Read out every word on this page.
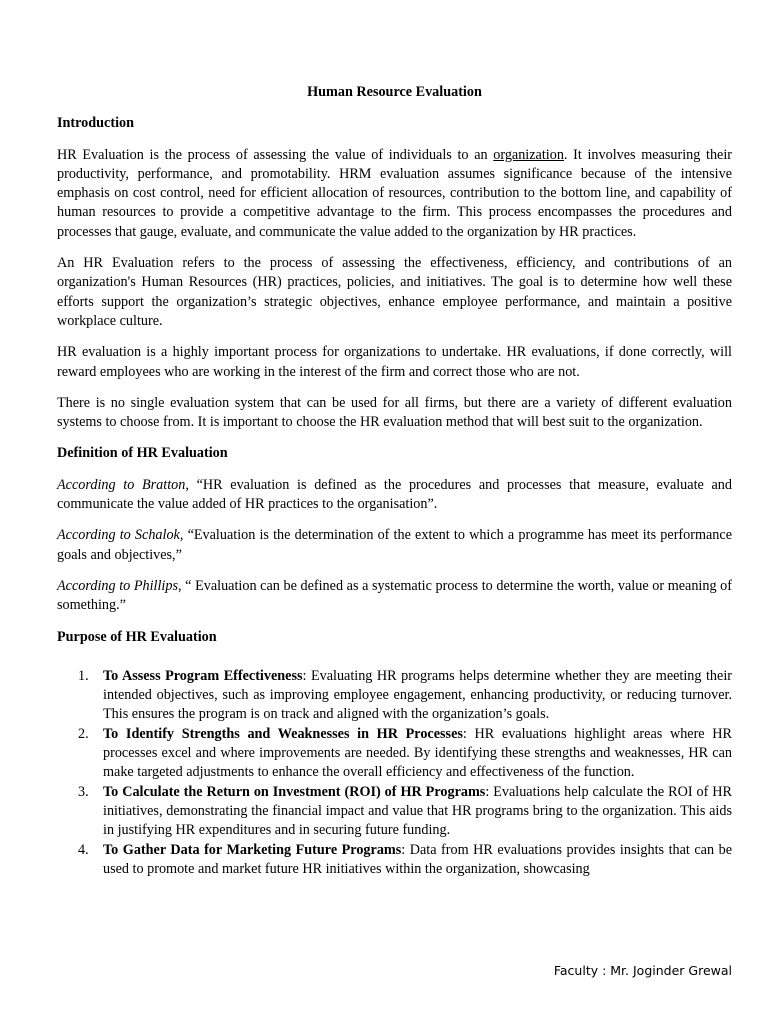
Human Resource Evaluation
Introduction

HR Evaluation is the process of assessing the value of individuals to an organization. It involves measuring their productivity, performance, and promotability. HRM evaluation assumes significance because of the intensive emphasis on cost control, need for efficient allocation of resources, contribution to the bottom line, and capability of human resources to provide a competitive advantage to the firm. This process encompasses the procedures and processes that gauge, evaluate, and communicate the value added to the organization by HR practices.

An HR Evaluation refers to the process of assessing the effectiveness, efficiency, and contributions of an organization's Human Resources (HR) practices, policies, and initiatives. The goal is to determine how well these efforts support the organization’s strategic objectives, enhance employee performance, and maintain a positive workplace culture.

HR evaluation is a highly important process for organizations to undertake. HR evaluations, if done correctly, will reward employees who are working in the interest of the firm and correct those who are not.

There is no single evaluation system that can be used for all firms, but there are a variety of different evaluation systems to choose from. It is important to choose the HR evaluation method that will best suit to the organization.

Definition of HR Evaluation

According to Bratton, “HR evaluation is defined as the procedures and processes that measure, evaluate and communicate the value added of HR practices to the organisation”.

According to Schalok, “Evaluation is the determination of the extent to which a programme has meet its performance goals and objectives,”

According to Phillips, “ Evaluation can be defined as a systematic process to determine the worth, value or meaning of something.”

Purpose of HR Evaluation
1. To Assess Program Effectiveness: Evaluating HR programs helps determine whether they are meeting their intended objectives, such as improving employee engagement, enhancing productivity, or reducing turnover. This ensures the program is on track and aligned with the organization’s goals.
2. To Identify Strengths and Weaknesses in HR Processes: HR evaluations highlight areas where HR processes excel and where improvements are needed. By identifying these strengths and weaknesses, HR can make targeted adjustments to enhance the overall efficiency and effectiveness of the function.
3. To Calculate the Return on Investment (ROI) of HR Programs: Evaluations help calculate the ROI of HR initiatives, demonstrating the financial impact and value that HR programs bring to the organization. This aids in justifying HR expenditures and in securing future funding.
4. To Gather Data for Marketing Future Programs: Data from HR evaluations provides insights that can be used to promote and market future HR initiatives within the organization, showcasing
Faculty : Mr. Joginder Grewal
